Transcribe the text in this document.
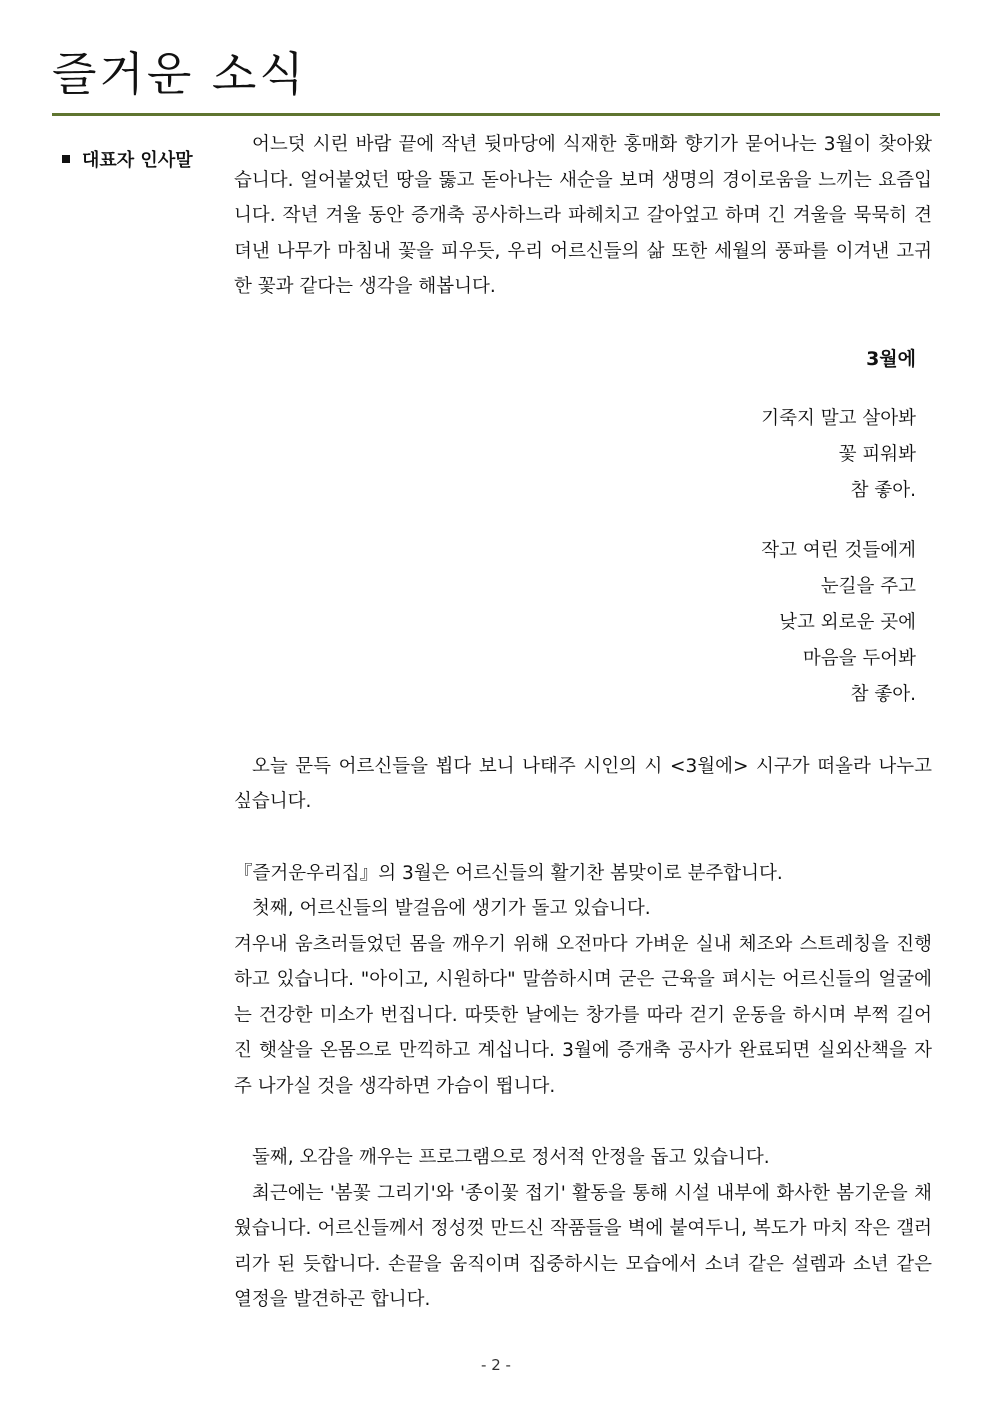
즐거운 소식
대표자 인사말

어느덧 시린 바람 끝에 작년 뒷마당에 식재한 홍매화 향기가 묻어나는 3월이 찾아왔습니다. 얼어붙었던 땅을 뚫고 돋아나는 새순을 보며 생명의 경이로움을 느끼는 요즘입니다. 작년 겨울 동안 증개축 공사하느라 파헤치고 갈아엎고 하며 긴 겨울을 묵묵히 견뎌낸 나무가 마침내 꽃을 피우듯, 우리 어르신들의 삶 또한 세월의 풍파를 이겨낸 고귀한 꽃과 같다는 생각을 해봅니다.

3월에

기죽지 말고 살아봐

꽃 피워봐

참 좋아.

작고 여린 것들에게

눈길을 주고

낮고 외로운 곳에

마음을 두어봐

참 좋아.

오늘 문득 어르신들을 뵙다 보니 나태주 시인의 시 <3월에> 시구가 떠올라 나누고 싶습니다.

『즐거운우리집』의 3월은 어르신들의 활기찬 봄맞이로 분주합니다.

첫째, 어르신들의 발걸음에 생기가 돌고 있습니다.

겨우내 움츠러들었던 몸을 깨우기 위해 오전마다 가벼운 실내 체조와 스트레칭을 진행하고 있습니다. "아이고, 시원하다" 말씀하시며 굳은 근육을 펴시는 어르신들의 얼굴에는 건강한 미소가 번집니다. 따뜻한 날에는 창가를 따라 걷기 운동을 하시며 부쩍 길어진 햇살을 온몸으로 만끽하고 계십니다. 3월에 증개축 공사가 완료되면 실외산책을 자주 나가실 것을 생각하면 가슴이 뜁니다.

둘째, 오감을 깨우는 프로그램으로 정서적 안정을 돕고 있습니다.

최근에는 '봄꽃 그리기'와 '종이꽃 접기' 활동을 통해 시설 내부에 화사한 봄기운을 채웠습니다. 어르신들께서 정성껏 만드신 작품들을 벽에 붙여두니, 복도가 마치 작은 갤러리가 된 듯합니다. 손끝을 움직이며 집중하시는 모습에서 소녀 같은 설렘과 소년 같은 열정을 발견하곤 합니다.

- 2 -
